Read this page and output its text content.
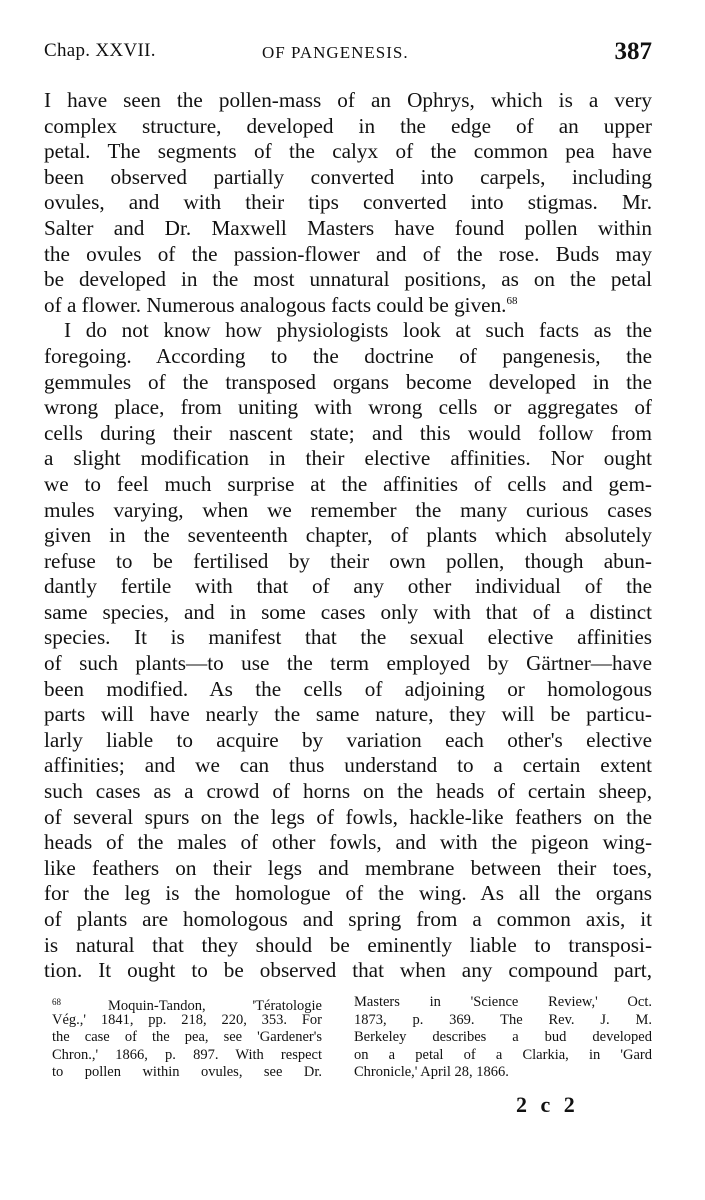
Chap. XXVII.	OF PANGENESIS.	387
I have seen the pollen-mass of an Ophrys, which is a very
complex structure, developed in the edge of an upper
petal. The segments of the calyx of the common pea have
been observed partially converted into carpels, including
ovules, and with their tips converted into stigmas. Mr.
Salter and Dr. Maxwell Masters have found pollen within
the ovules of the passion-flower and of the rose. Buds may
be developed in the most unnatural positions, as on the petal
of a flower. Numerous analogous facts could be given.$^{68}$
I do not know how physiologists look at such facts as the
foregoing. According to the doctrine of pangenesis, the
gemmules of the transposed organs become developed in the
wrong place, from uniting with wrong cells or aggregates of
cells during their nascent state; and this would follow from
a slight modification in their elective affinities. Nor ought
we to feel much surprise at the affinities of cells and gem-
mules varying, when we remember the many curious cases
given in the seventeenth chapter, of plants which absolutely
refuse to be fertilised by their own pollen, though abun-
dantly fertile with that of any other individual of the
same species, and in some cases only with that of a distinct
species. It is manifest that the sexual elective affinities
of such plants—to use the term employed by Gärtner—have
been modified. As the cells of adjoining or homologous
parts will have nearly the same nature, they will be particu-
larly liable to acquire by variation each other's elective
affinities; and we can thus understand to a certain extent
such cases as a crowd of horns on the heads of certain sheep,
of several spurs on the legs of fowls, hackle-like feathers on the
heads of the males of other fowls, and with the pigeon wing-
like feathers on their legs and membrane between their toes,
for the leg is the homologue of the wing. As all the organs
of plants are homologous and spring from a common axis, it
is natural that they should be eminently liable to transposi-
tion. It ought to be observed that when any compound part,
$^{68}$	Moquin-Tandon, 'Tératologie
Vég.,' 1841, pp. 218, 220, 353. For
the case of the pea, see 'Gardener's
Chron.,' 1866, p. 897. With respect
to pollen within ovules, see Dr.
Masters in 'Science Review,' Oct.
1873, p. 369. The Rev. J. M.
Berkeley describes a bud developed
on a petal of a Clarkia, in 'Gard
Chronicle,' April 28, 1866.
2 c 2
